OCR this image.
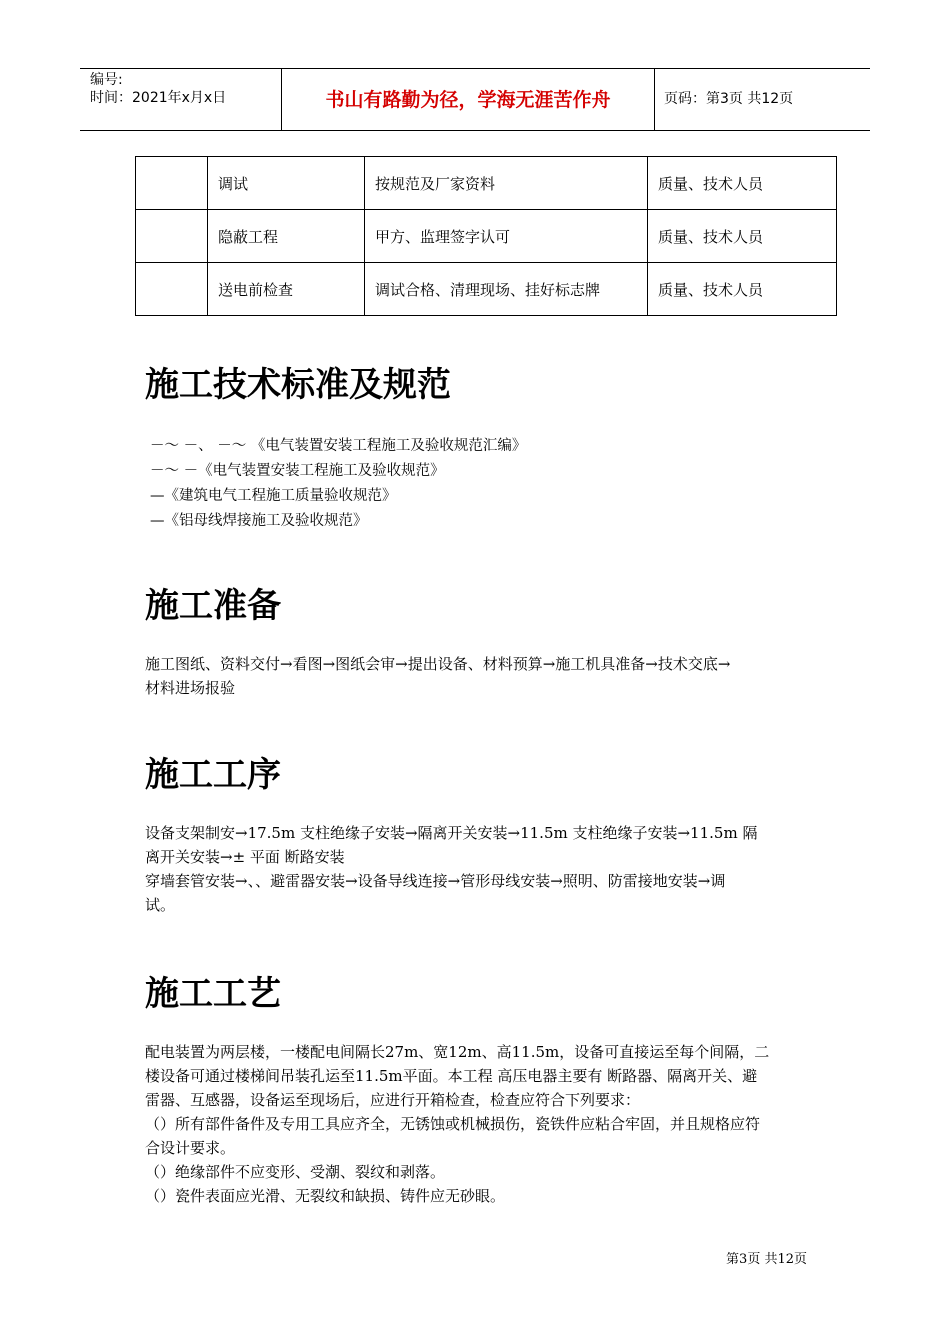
编号:
时间：2021年x月x日	书山有路勤为径，学海无涯苦作舟	页码：第3页 共12页
	调试	按规范及厂家资料	质量、技术人员
	隐蔽工程	甲方、监理签字认可	质量、技术人员
	送电前检查	调试合格、清理现场、挂好标志牌	质量、技术人员
施工技术标准及规范
－～ －、 －～ 《电气装置安装工程施工及验收规范汇编》
－～ －《电气装置安装工程施工及验收规范》
—《建筑电气工程施工质量验收规范》
—《铝母线焊接施工及验收规范》
施工准备
施工图纸、资料交付→看图→图纸会审→提出设备、材料预算→施工机具准备→技术交底→
材料进场报验
施工工序
设备支架制安→17.5m 支柱绝缘子安装→隔离开关安装→11.5m 支柱绝缘子安装→11.5m 隔
离开关安装→± 平面 断路安装
穿墙套管安装→、、避雷器安装→设备导线连接→管形母线安装→照明、防雷接地安装→调
试。
施工工艺
配电装置为两层楼，一楼配电间隔长27m、宽12m、高11.5m，设备可直接运至每个间隔，二
楼设备可通过楼梯间吊装孔运至11.5m平面。本工程 高压电器主要有 断路器、隔离开关、避
雷器、互感器，设备运至现场后，应进行开箱检查，检查应符合下列要求：
（）所有部件备件及专用工具应齐全，无锈蚀或机械损伤，瓷铁件应粘合牢固，并且规格应符
合设计要求。
（）绝缘部件不应变形、受潮、裂纹和剥落。
（）瓷件表面应光滑、无裂纹和缺损、铸件应无砂眼。
第3页 共12页
